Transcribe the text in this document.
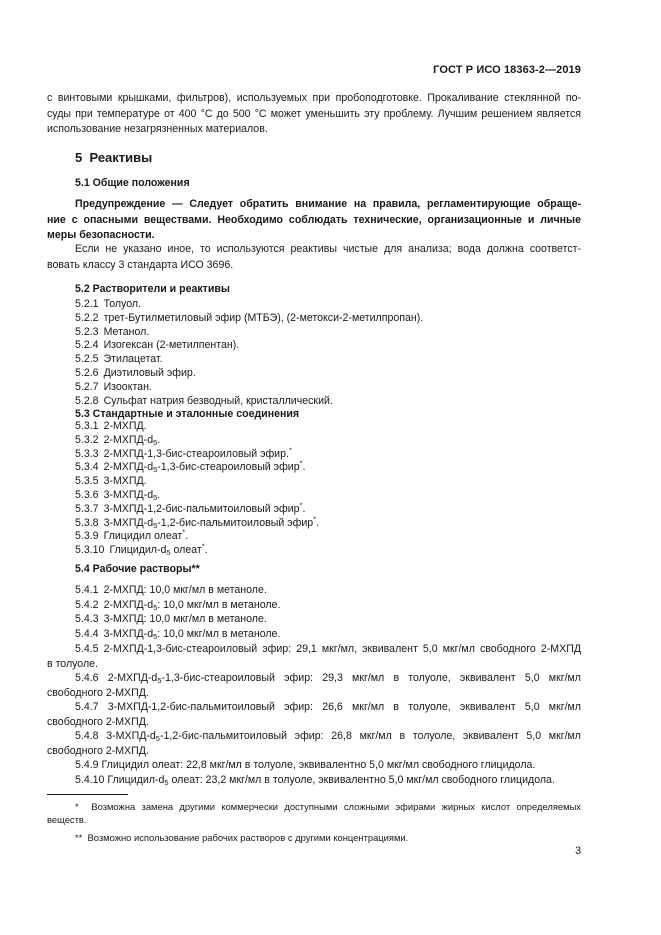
ГОСТ Р ИСО 18363-2—2019
с винтовыми крышками, фильтров), используемых при пробоподготовке. Прокаливание стеклянной по-
суды при температуре от 400 °С до 500 °С может уменьшить эту проблему. Лучшим решением является
использование незагрязненных материалов.
5 Реактивы
5.1 Общие положения
Предупреждение — Следует обратить внимание на правила, регламентирующие обраще-
ние с опасными веществами. Необходимо соблюдать технические, организационные и личные
меры безопасности.
Если не указано иное, то используются реактивы чистые для анализа; вода должна соответст-
вовать классу 3 стандарта ИСО 3696.
5.2 Растворители и реактивы
5.2.1 Толуол.
5.2.2 трет-Бутилметиловый эфир (МТБЭ), (2-метокси-2-метилпропан).
5.2.3 Метанол.
5.2.4 Изогексан (2-метилпентан).
5.2.5 Этилацетат.
5.2.6 Диэтиловый эфир.
5.2.7 Изооктан.
5.2.8 Сульфат натрия безводный, кристаллический.
5.3 Стандартные и эталонные соединения
5.3.1 2-МХПД.
5.3.2 $2-МХПД-d_5$.
5.3.3 2-МХПД-1,3-бис-стеароиловый эфир.*
5.3.4 $2-МХПД-d_5-1,3-бис$-стеароиловый эфир*.
5.3.5 3-МХПД.
5.3.6 $3-МХПД-d_5$.
5.3.7 3-МХПД-1,2-бис-пальмитоиловый эфир*.
5.3.8 $3-МХПД-d_5-1,2-бис$-пальмитоиловый эфир*.
5.3.9 Глицидил олеат*.
5.3.10 Глицидил-$d_5$ олеат*.
5.4 Рабочие растворы**
5.4.1 2-МХПД: 10,0 мкг/мл в метаноле.
5.4.2 $2-МХПД-d_5$: 10,0 мкг/мл в метаноле.
5.4.3 3-МХПД: 10,0 мкг/мл в метаноле.
5.4.4 $3-МХПД-d_5$: 10,0 мкг/мл в метаноле.
5.4.5 2-МХПД-1,3-бис-стеароиловый эфир: 29,1 мкг/мл, эквивалент 5,0 мкг/мл свободного 2-МХПД
в толуоле.
5.4.6 $2-МХПД-d_5-1,3-бис$-стеароиловый эфир: 29,3 мкг/мл в толуоле, эквивалент 5,0 мкг/мл
свободного 2-МХПД.
5.4.7 3-МХПД-1,2-бис-пальмитоиловый эфир: 26,6 мкг/мл в толуоле, эквивалент 5,0 мкг/мл
свободного 2-МХПД.
5.4.8 $3-МХПД-d_5-1,2-бис$-пальмитоиловый эфир: 26,8 мкг/мл в толуоле, эквивалент 5,0 мкг/мл
свободного 2-МХПД.
5.4.9 Глицидил олеат: 22,8 мкг/мл в толуоле, эквивалентно 5,0 мкг/мл свободного глицидола.
5.4.10 Глицидил-$d_5$ олеат: 23,2 мкг/мл в толуоле, эквивалентно 5,0 мкг/мл свободного глицидола.
* Возможна замена другими коммерчески доступными сложными эфирами жирных кислот определяемых
веществ.
** Возможно использование рабочих растворов с другими концентрациями.
3
